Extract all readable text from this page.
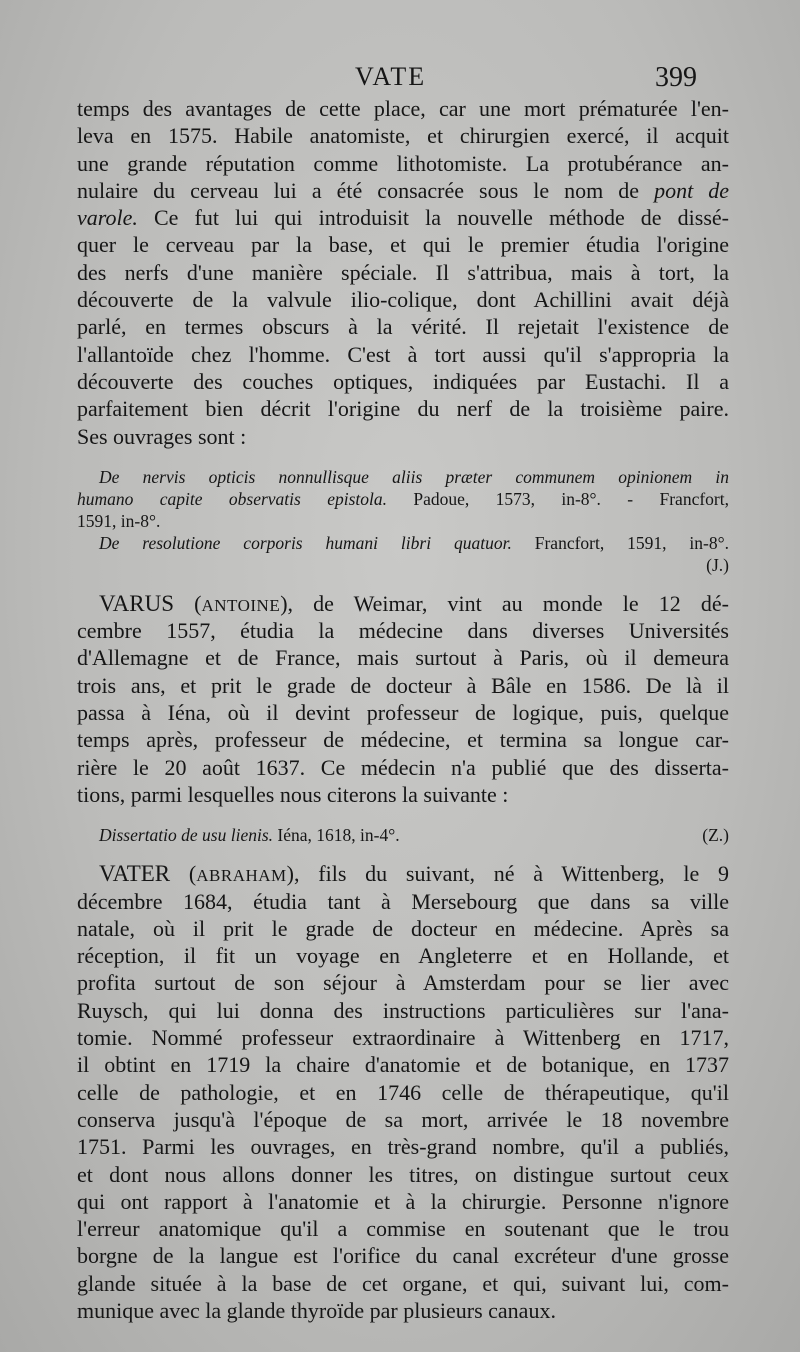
VATE	399
temps des avantages de cette place, car une mort prématurée l'en-
leva en 1575. Habile anatomiste, et chirurgien exercé, il acquit
une grande réputation comme lithotomiste. La protubérance an-
nulaire du cerveau lui a été consacrée sous le nom de pont de
varole. Ce fut lui qui introduisit la nouvelle méthode de dissé-
quer le cerveau par la base, et qui le premier étudia l'origine
des nerfs d'une manière spéciale. Il s'attribua, mais à tort, la
découverte de la valvule ilio-colique, dont Achillini avait déjà
parlé, en termes obscurs à la vérité. Il rejetait l'existence de
l'allantoïde chez l'homme. C'est à tort aussi qu'il s'appropria la
découverte des couches optiques, indiquées par Eustachi. Il a
parfaitement bien décrit l'origine du nerf de la troisième paire.
Ses ouvrages sont :
De nervis opticis nonnullisque aliis præter communem opinionem in
humano capite observatis epistola. Padoue, 1573, in-8°. - Francfort,
1591, in-8°.
De resolutione corporis humani libri quatuor. Francfort, 1591, in-8°.
(J.)
VARUS (ANTOINE), de Weimar, vint au monde le 12 dé-
cembre 1557, étudia la médecine dans diverses Universités
d'Allemagne et de France, mais surtout à Paris, où il demeura
trois ans, et prit le grade de docteur à Bâle en 1586. De là il
passa à Iéna, où il devint professeur de logique, puis, quelque
temps après, professeur de médecine, et termina sa longue car-
rière le 20 août 1637. Ce médecin n'a publié que des disserta-
tions, parmi lesquelles nous citerons la suivante :
Dissertatio de usu lienis. Iéna, 1618, in-4°.	(Z.)
VATER (ABRAHAM), fils du suivant, né à Wittenberg, le 9
décembre 1684, étudia tant à Mersebourg que dans sa ville
natale, où il prit le grade de docteur en médecine. Après sa
réception, il fit un voyage en Angleterre et en Hollande, et
profita surtout de son séjour à Amsterdam pour se lier avec
Ruysch, qui lui donna des instructions particulières sur l'ana-
tomie. Nommé professeur extraordinaire à Wittenberg en 1717,
il obtint en 1719 la chaire d'anatomie et de botanique, en 1737
celle de pathologie, et en 1746 celle de thérapeutique, qu'il
conserva jusqu'à l'époque de sa mort, arrivée le 18 novembre
1751. Parmi les ouvrages, en très-grand nombre, qu'il a publiés,
et dont nous allons donner les titres, on distingue surtout ceux
qui ont rapport à l'anatomie et à la chirurgie. Personne n'ignore
l'erreur anatomique qu'il a commise en soutenant que le trou
borgne de la langue est l'orifice du canal excréteur d'une grosse
glande située à la base de cet organe, et qui, suivant lui, com-
munique avec la glande thyroïde par plusieurs canaux.
